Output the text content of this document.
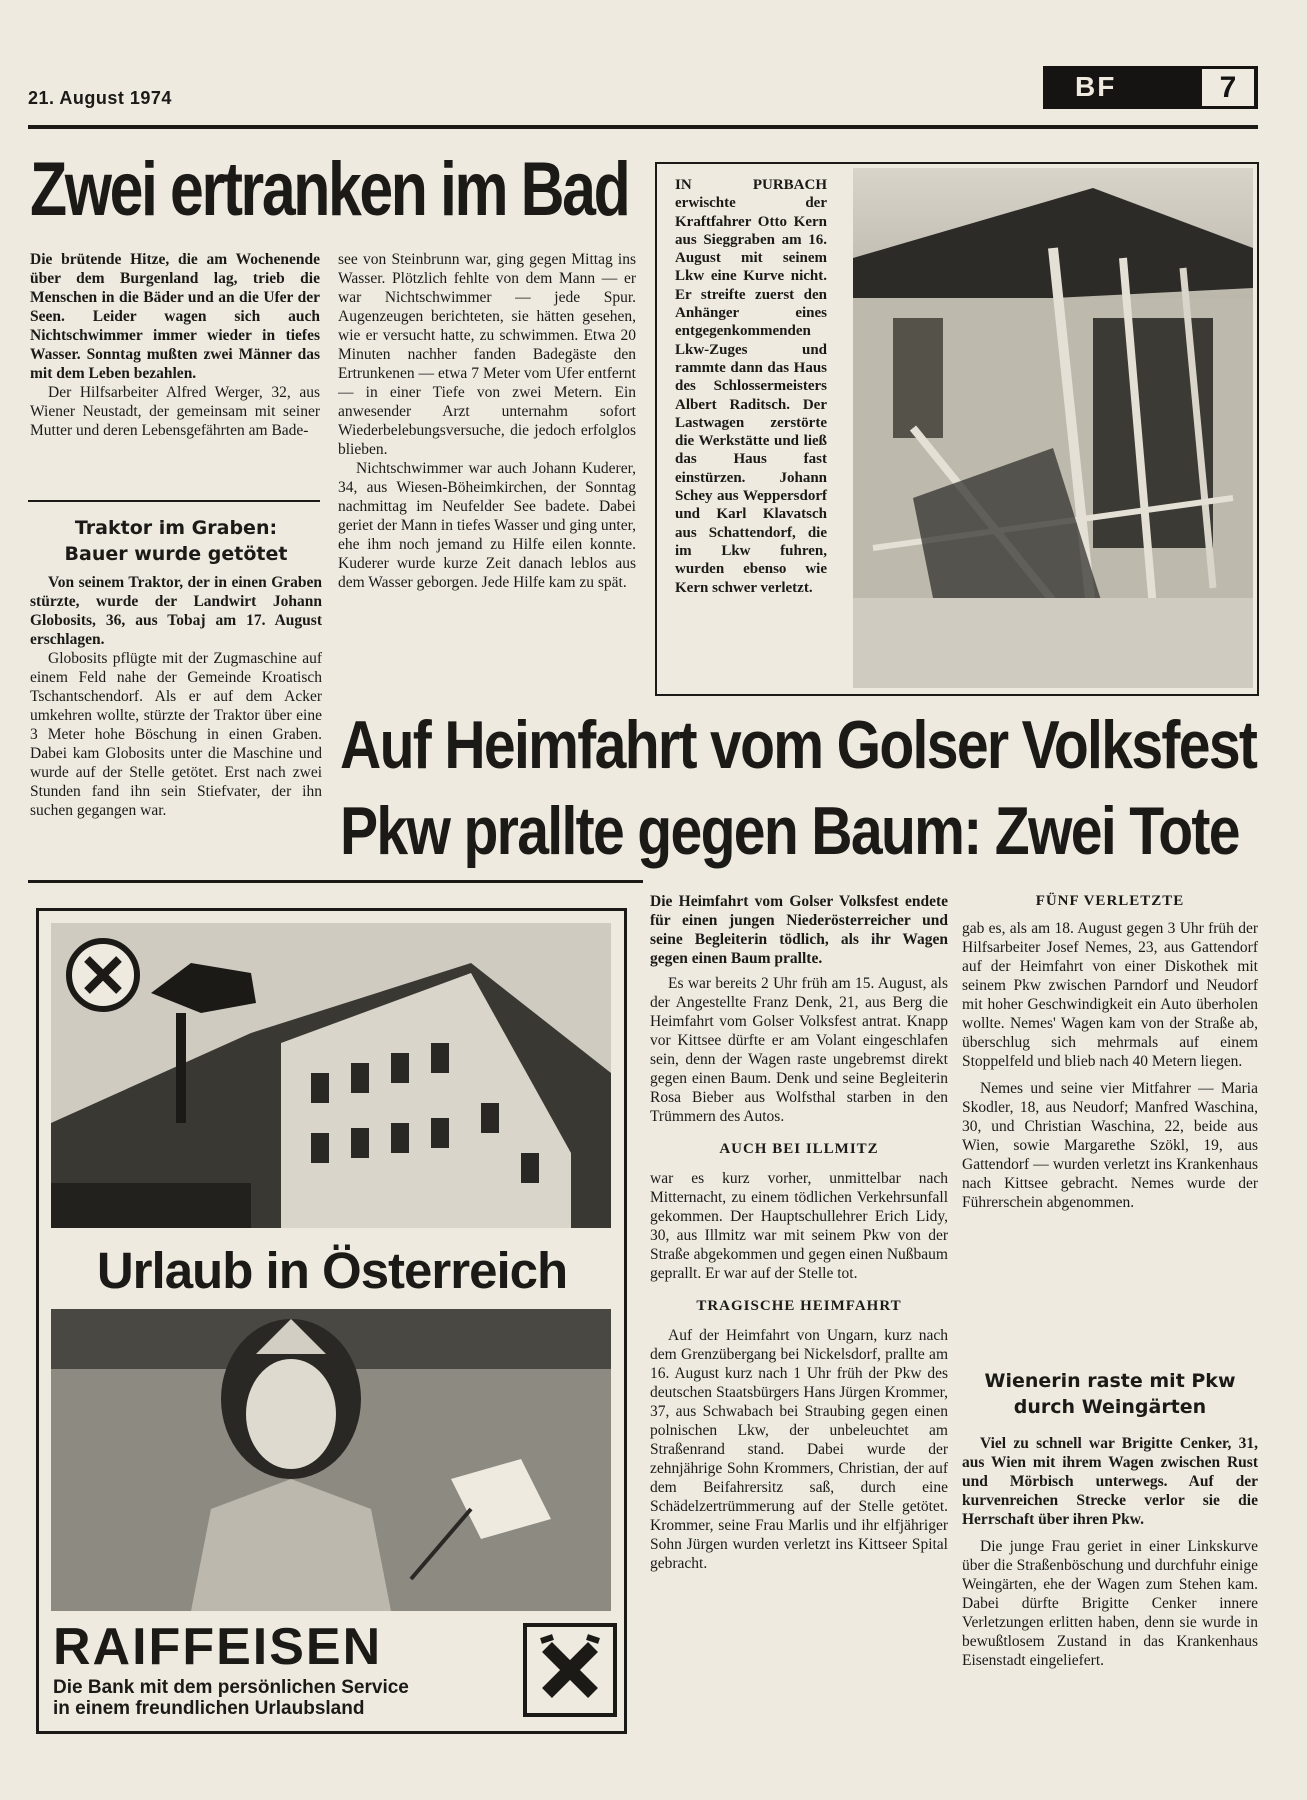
21. August 1974	BF	7
Zwei ertranken im Bad

Die brütende Hitze, die am Wochenende über dem Burgenland lag, trieb die Menschen in die Bäder und an die Ufer der Seen. Leider wagen sich auch Nichtschwimmer immer wieder in tiefes Wasser. Sonntag mußten zwei Männer das mit dem Leben bezahlen.

Der Hilfsarbeiter Alfred Werger, 32, aus Wiener Neustadt, der gemeinsam mit seiner Mutter und deren Lebensgefährten am Bade-

see von Steinbrunn war, ging gegen Mittag ins Wasser. Plötzlich fehlte von dem Mann — er war Nichtschwimmer — jede Spur. Augenzeugen berichteten, sie hätten gesehen, wie er versucht hatte, zu schwimmen. Etwa 20 Minuten nachher fanden Badegäste den Ertrunkenen — etwa 7 Meter vom Ufer entfernt — in einer Tiefe von zwei Metern. Ein anwesender Arzt unternahm sofort Wiederbelebungsversuche, die jedoch erfolglos blieben.

Nichtschwimmer war auch Johann Kuderer, 34, aus Wiesen-Böheimkirchen, der Sonntag nachmittag im Neufelder See badete. Dabei geriet der Mann in tiefes Wasser und ging unter, ehe ihm noch jemand zu Hilfe eilen konnte. Kuderer wurde kurze Zeit danach leblos aus dem Wasser geborgen. Jede Hilfe kam zu spät.

Traktor im Graben:
Bauer wurde getötet

Von seinem Traktor, der in einen Graben stürzte, wurde der Landwirt Johann Globosits, 36, aus Tobaj am 17. August erschlagen.

Globosits pflügte mit der Zugmaschine auf einem Feld nahe der Gemeinde Kroatisch Tschantschendorf. Als er auf dem Acker umkehren wollte, stürzte der Traktor über eine 3 Meter hohe Böschung in einen Graben. Dabei kam Globosits unter die Maschine und wurde auf der Stelle getötet. Erst nach zwei Stunden fand ihn sein Stiefvater, der ihn suchen gegangen war.

IN PURBACH erwischte der Kraftfahrer Otto Kern aus Sieggraben am 16. August mit seinem Lkw eine Kurve nicht. Er streifte zuerst den Anhänger eines entgegenkommenden Lkw-Zuges und rammte dann das Haus des Schlossermeisters Albert Raditsch. Der Lastwagen zerstörte die Werkstätte und ließ das Haus fast einstürzen. Johann Schey aus Weppersdorf und Karl Klavatsch aus Schattendorf, die im Lkw fuhren, wurden ebenso wie Kern schwer verletzt.
Auf Heimfahrt vom Golser Volksfest
Pkw prallte gegen Baum: Zwei Tote

Die Heimfahrt vom Golser Volksfest endete für einen jungen Niederösterreicher und seine Begleiterin tödlich, als ihr Wagen gegen einen Baum prallte.

Es war bereits 2 Uhr früh am 15. August, als der Angestellte Franz Denk, 21, aus Berg die Heimfahrt vom Golser Volksfest antrat. Knapp vor Kittsee dürfte er am Volant eingeschlafen sein, denn der Wagen raste ungebremst direkt gegen einen Baum. Denk und seine Begleiterin Rosa Bieber aus Wolfsthal starben in den Trümmern des Autos.

AUCH BEI ILLMITZ

war es kurz vorher, unmittelbar nach Mitternacht, zu einem tödlichen Verkehrsunfall gekommen. Der Hauptschullehrer Erich Lidy, 30, aus Illmitz war mit seinem Pkw von der Straße abgekommen und gegen einen Nußbaum geprallt. Er war auf der Stelle tot.

TRAGISCHE HEIMFAHRT

Auf der Heimfahrt von Ungarn, kurz nach dem Grenzübergang bei Nickelsdorf, prallte am 16. August kurz nach 1 Uhr früh der Pkw des deutschen Staatsbürgers Hans Jürgen Krommer, 37, aus Schwabach bei Straubing gegen einen polnischen Lkw, der unbeleuchtet am Straßenrand stand. Dabei wurde der zehnjährige Sohn Krommers, Christian, der auf dem Beifahrersitz saß, durch eine Schädelzertrümmerung auf der Stelle getötet. Krommer, seine Frau Marlis und ihr elfjähriger Sohn Jürgen wurden verletzt ins Kittseer Spital gebracht.

FÜNF VERLETZTE

gab es, als am 18. August gegen 3 Uhr früh der Hilfsarbeiter Josef Nemes, 23, aus Gattendorf auf der Heimfahrt von einer Diskothek mit seinem Pkw zwischen Parndorf und Neudorf mit hoher Geschwindigkeit ein Auto überholen wollte. Nemes' Wagen kam von der Straße ab, überschlug sich mehrmals auf einem Stoppelfeld und blieb nach 40 Metern liegen.

Nemes und seine vier Mitfahrer — Maria Skodler, 18, aus Neudorf; Manfred Waschina, 30, und Christian Waschina, 22, beide aus Wien, sowie Margarethe Szökl, 19, aus Gattendorf — wurden verletzt ins Krankenhaus nach Kittsee gebracht. Nemes wurde der Führerschein abgenommen.

Wienerin raste mit Pkw
durch Weingärten

Viel zu schnell war Brigitte Cenker, 31, aus Wien mit ihrem Wagen zwischen Rust und Mörbisch unterwegs. Auf der kurvenreichen Strecke verlor sie die Herrschaft über ihren Pkw.

Die junge Frau geriet in einer Linkskurve über die Straßenböschung und durchfuhr einige Weingärten, ehe der Wagen zum Stehen kam. Dabei dürfte Brigitte Cenker innere Verletzungen erlitten haben, denn sie wurde in bewußtlosem Zustand in das Krankenhaus Eisenstadt eingeliefert.

Urlaub in Österreich
RAIFFEISEN
Die Bank mit dem persönlichen Service
in einem freundlichen Urlaubsland
